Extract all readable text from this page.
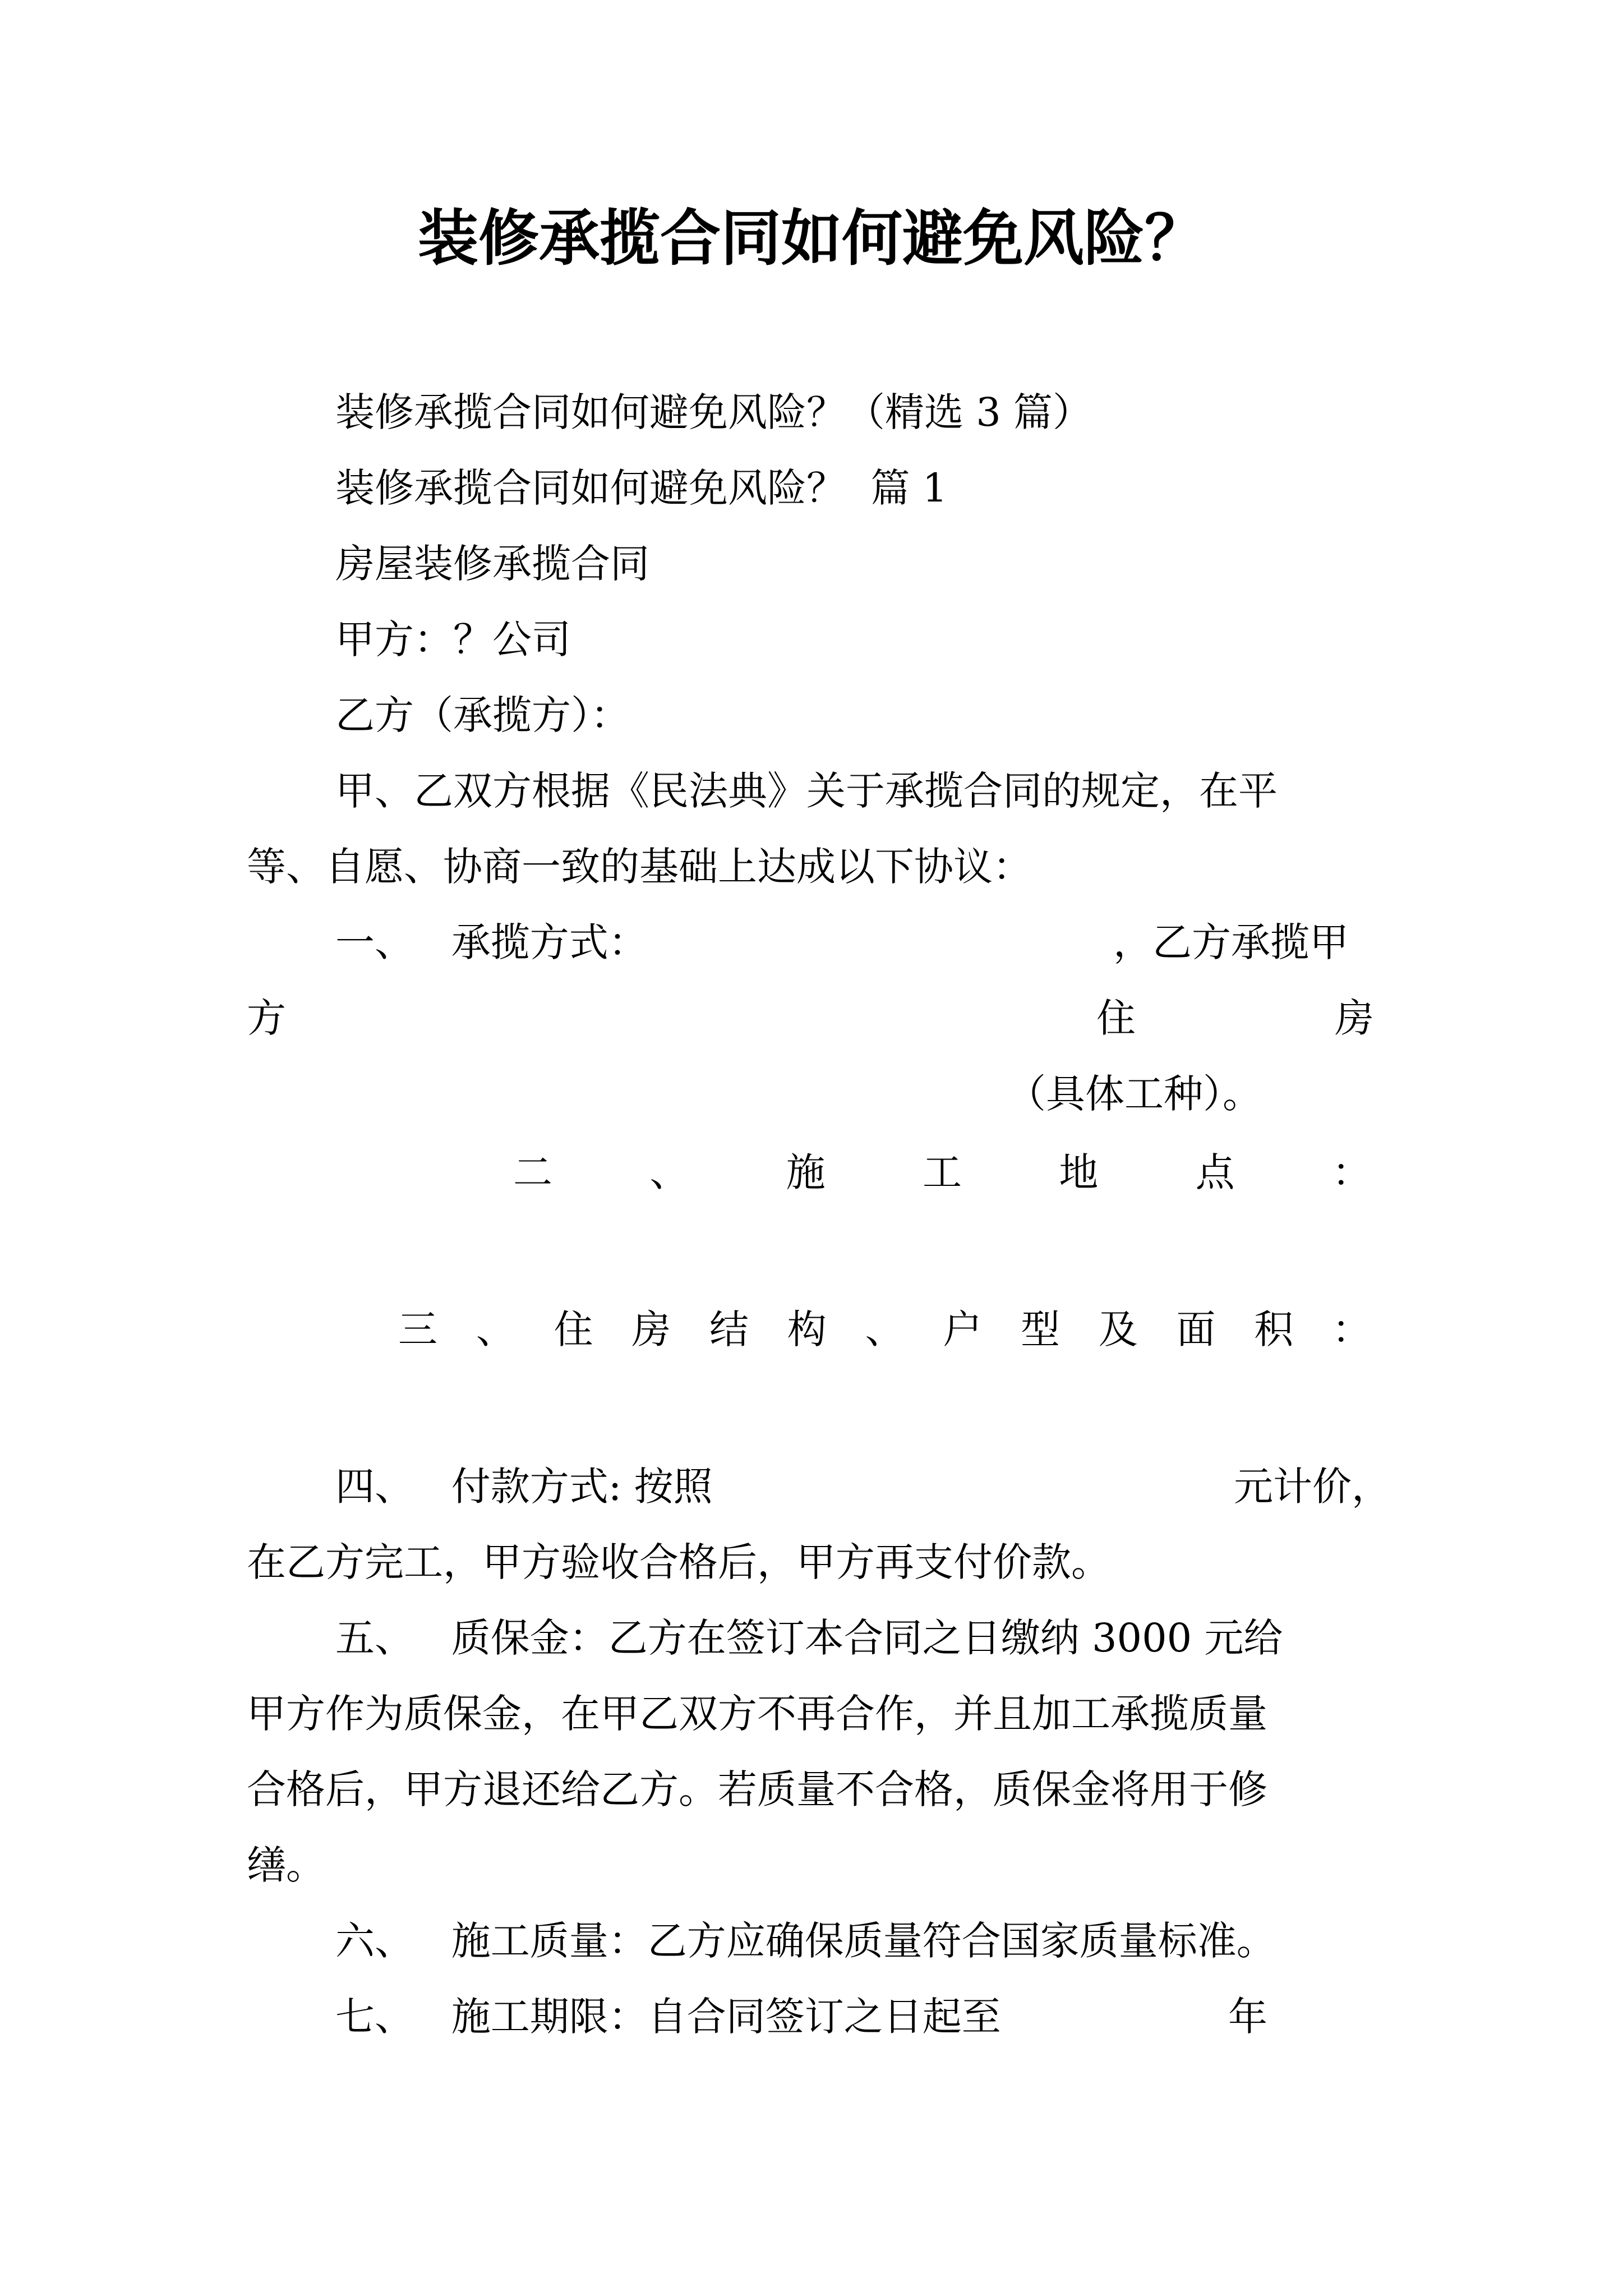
装修承揽合同如何避免风险？
装修承揽合同如何避免风险？（精选 3 篇）
装修承揽合同如何避免风险？  篇 1
房屋装修承揽合同
甲方：？公司
乙方（承揽方）：
甲、乙双方根据《民法典》关于承揽合同的规定，在平
等、自愿、协商一致的基础上达成以下协议：
一、   承揽方式：	，乙方承揽甲
方	住	房
（具体工种）。
二 、 施 工 地 点 ：
三 、 住 房 结 构 、 户 型 及 面 积 ：
四、   付款方式: 按照	元计价，
在乙方完工，甲方验收合格后，甲方再支付价款。
五、   质保金：乙方在签订本合同之日缴纳 3000 元给
甲方作为质保金，在甲乙双方不再合作，并且加工承揽质量
合格后，甲方退还给乙方。若质量不合格，质保金将用于修
缮。
六、   施工质量：乙方应确保质量符合国家质量标准。
七、   施工期限：自合同签订之日起至	年
